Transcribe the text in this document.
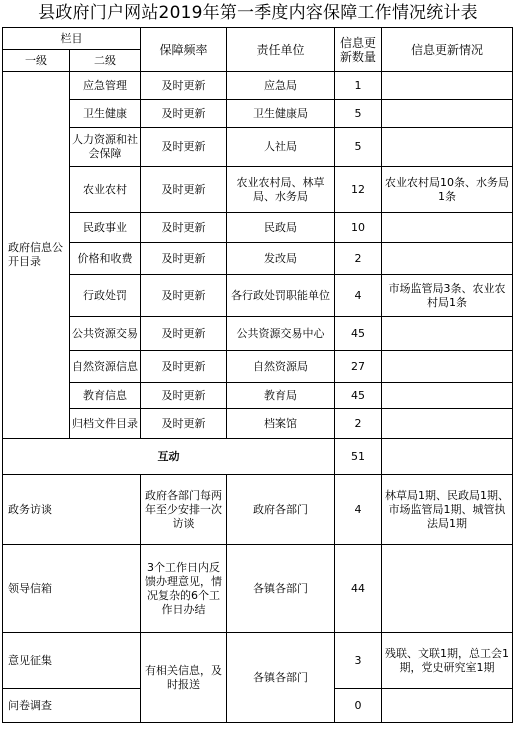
县政府门户网站2019年第一季度内容保障工作情况统计表
栏目		保障频率	责任单位	信息更新数量	信息更新情况
一级	二级				
政府信息公开目录	应急管理	及时更新	应急局	1	
	卫生健康	及时更新	卫生健康局	5	
	人力资源和社会保障	及时更新	人社局	5	
	农业农村	及时更新	农业农村局、林草局、水务局	12	农业农村局10条、水务局1条
	民政事业	及时更新	民政局	10	
	价格和收费	及时更新	发改局	2	
	行政处罚	及时更新	各行政处罚职能单位	4	市场监管局3条、农业农村局1条
	公共资源交易	及时更新	公共资源交易中心	45	
	自然资源信息	及时更新	自然资源局	27	
	教育信息	及时更新	教育局	45	
	归档文件目录	及时更新	档案馆	2	
互动				51	
政务访谈		政府各部门每两年至少安排一次访谈	政府各部门	4	林草局1期、民政局1期、市场监管局1期、城管执法局1期
领导信箱		3个工作日内反馈办理意见，情况复杂的6个工作日办结	各镇各部门	44	
意见征集		有相关信息，及时报送	各镇各部门	3	残联、文联1期，总工会1期，党史研究室1期
问卷调查				0	
